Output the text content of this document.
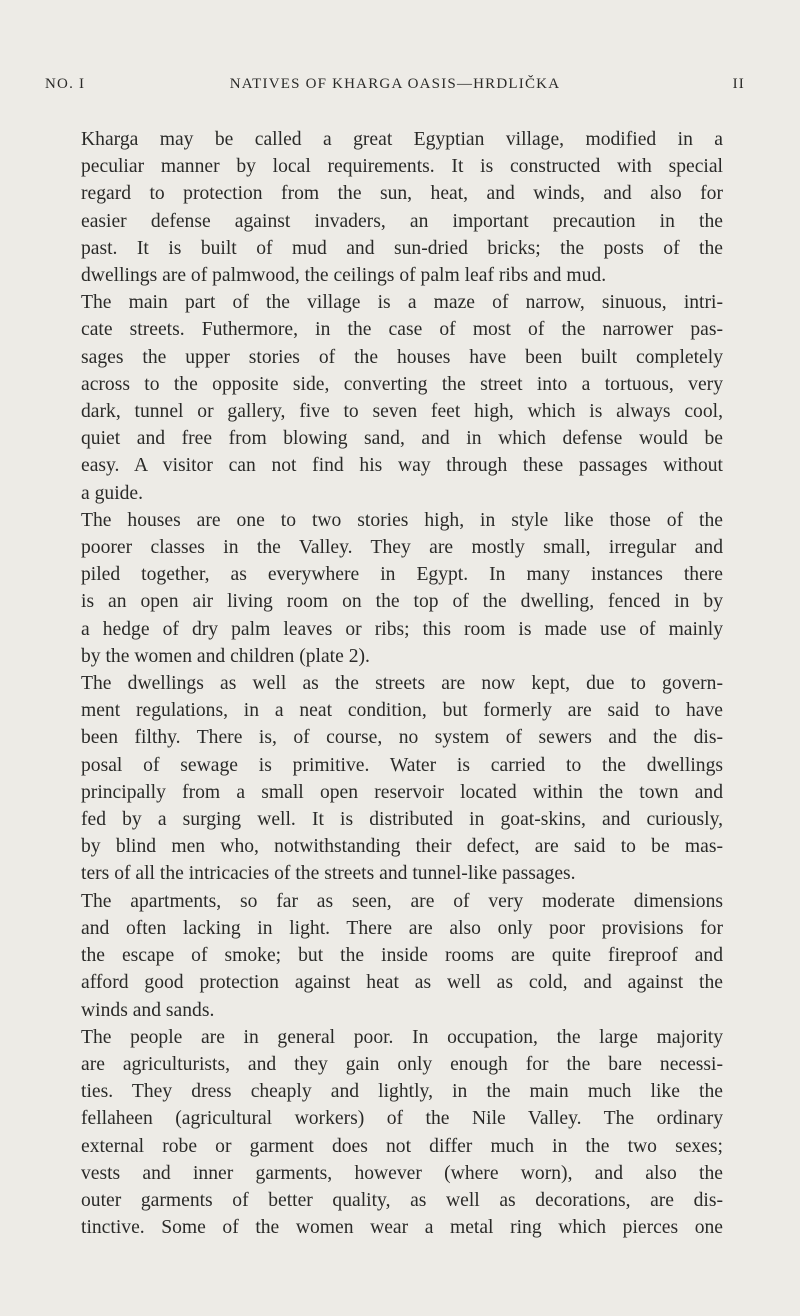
NO. I	NATIVES OF KHARGA OASIS—HRDLIČKA	II

Kharga may be called a great Egyptian village, modified in a
peculiar manner by local requirements. It is constructed with special
regard to protection from the sun, heat, and winds, and also for
easier defense against invaders, an important precaution in the
past. It is built of mud and sun-dried bricks; the posts of the
dwellings are of palmwood, the ceilings of palm leaf ribs and mud.

The main part of the village is a maze of narrow, sinuous, intri-
cate streets. Futhermore, in the case of most of the narrower pas-
sages the upper stories of the houses have been built completely
across to the opposite side, converting the street into a tortuous, very
dark, tunnel or gallery, five to seven feet high, which is always cool,
quiet and free from blowing sand, and in which defense would be
easy. A visitor can not find his way through these passages without
a guide.

The houses are one to two stories high, in style like those of the
poorer classes in the Valley. They are mostly small, irregular and
piled together, as everywhere in Egypt. In many instances there
is an open air living room on the top of the dwelling, fenced in by
a hedge of dry palm leaves or ribs; this room is made use of mainly
by the women and children (plate 2).

The dwellings as well as the streets are now kept, due to govern-
ment regulations, in a neat condition, but formerly are said to have
been filthy. There is, of course, no system of sewers and the dis-
posal of sewage is primitive. Water is carried to the dwellings
principally from a small open reservoir located within the town and
fed by a surging well. It is distributed in goat-skins, and curiously,
by blind men who, notwithstanding their defect, are said to be mas-
ters of all the intricacies of the streets and tunnel-like passages.

The apartments, so far as seen, are of very moderate dimensions
and often lacking in light. There are also only poor provisions for
the escape of smoke; but the inside rooms are quite fireproof and
afford good protection against heat as well as cold, and against the
winds and sands.

The people are in general poor. In occupation, the large majority
are agriculturists, and they gain only enough for the bare necessi-
ties. They dress cheaply and lightly, in the main much like the
fellaheen (agricultural workers) of the Nile Valley. The ordinary
external robe or garment does not differ much in the two sexes;
vests and inner garments, however (where worn), and also the
outer garments of better quality, as well as decorations, are dis-
tinctive. Some of the women wear a metal ring which pierces one
